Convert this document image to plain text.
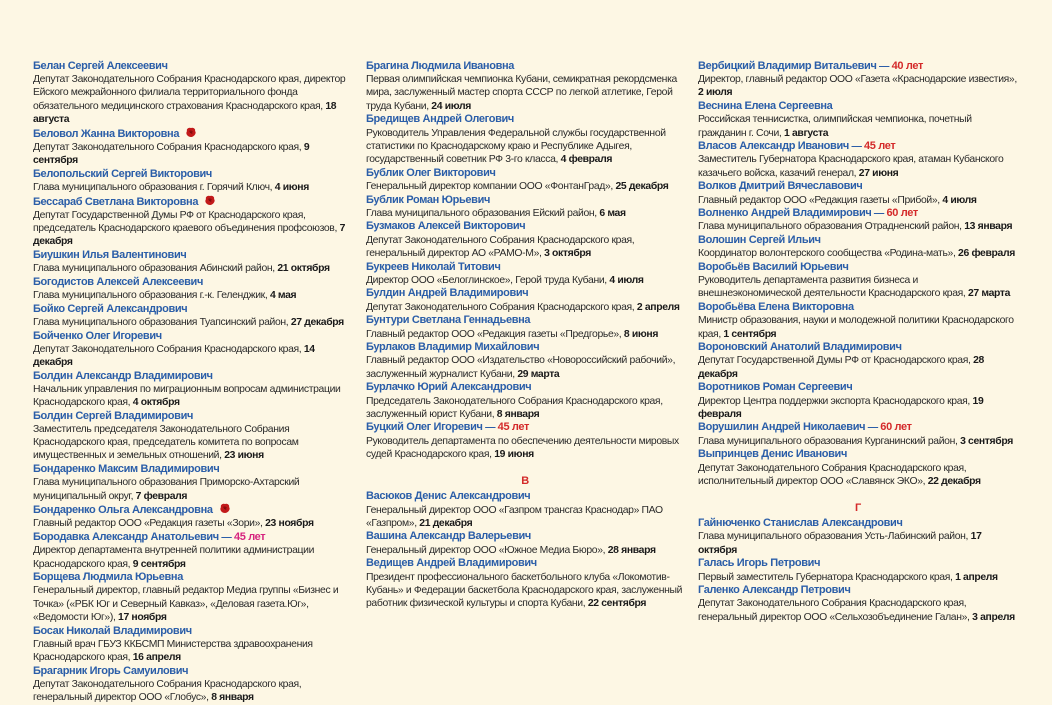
Белан Сергей Алексеевич
Депутат Законодательного Собрания Краснодарского края, директор Ейского межрайонного филиала территориального фонда обязательного медицинского страхования Краснодарского края, 18 августа
Беловол Жанна Викторовна
Депутат Законодательного Собрания Краснодарского края, 9 сентября
Белопольский Сергей Викторович
Глава муниципального образования г. Горячий Ключ, 4 июня
Бессараб Светлана Викторовна
Депутат Государственной Думы РФ от Краснодарского края, председатель Краснодарского краевого объединения профсоюзов, 7 декабря
Биушкин Илья Валентинович
Глава муниципального образования Абинский район, 21 октября
Богодистов Алексей Алексеевич
Глава муниципального образования г.-к. Геленджик, 4 мая
Бойко Сергей Александрович
Глава муниципального образования Туапсинский район, 27 декабря
Бойченко Олег Игоревич
Депутат Законодательного Собрания Краснодарского края, 14 декабря
Болдин Александр Владимирович
Начальник управления по миграционным вопросам администрации Краснодарского края, 4 октября
Болдин Сергей Владимирович
Заместитель председателя Законодательного Собрания Краснодарского края, председатель комитета по вопросам имущественных и земельных отношений, 23 июня
Бондаренко Максим Владимирович
Глава муниципального образования Приморско-Ахтарский муниципальный округ, 7 февраля
Бондаренко Ольга Александровна
Главный редактор ООО «Редакция газеты «Зори», 23 ноября
Бородавка Александр Анатольевич — 45 лет
Директор департамента внутренней политики администрации Краснодарского края, 9 сентября
Борщева Людмила Юрьевна
Генеральный директор, главный редактор Медиа группы «Бизнес и Точка» («РБК Юг и Северный Кавказ», «Деловая газета.Юг», «Ведомости Юг»), 17 ноября
Босак Николай Владимирович
Главный врач ГБУЗ ККБСМП Министерства здравоохранения Краснодарского края, 16 апреля
Брагарник Игорь Самуилович
Депутат Законодательного Собрания Краснодарского края, генеральный директор ООО «Глобус», 8 января
Брагина Людмила Ивановна
Первая олимпийская чемпионка Кубани, семикратная рекордсменка мира, заслуженный мастер спорта СССР по легкой атлетике, Герой труда Кубани, 24 июля
Бредищев Андрей Олегович
Руководитель Управления Федеральной службы государственной статистики по Краснодарскому краю и Республике Адыгея, государственный советник РФ 3-го класса, 4 февраля
Бублик Олег Викторович
Генеральный директор компании ООО «ФонтанГрад», 25 декабря
Бублик Роман Юрьевич
Глава муниципального образования Ейский район, 6 мая
Бузмаков Алексей Викторович
Депутат Законодательного Собрания Краснодарского края, генеральный директор АО «РАМО-М», 3 октября
Букреев Николай Титович
Директор ООО «Белоглинское», Герой труда Кубани, 4 июля
Булдин Андрей Владимирович
Депутат Законодательного Собрания Краснодарского края, 2 апреля
Бунтури Светлана Геннадьевна
Главный редактор ООО «Редакция газеты «Предгорье», 8 июня
Бурлаков Владимир Михайлович
Главный редактор ООО «Издательство «Новороссийский рабочий», заслуженный журналист Кубани, 29 марта
Бурлачко Юрий Александрович
Председатель Законодательного Собрания Краснодарского края, заслуженный юрист Кубани, 8 января
Буцкий Олег Игоревич — 45 лет
Руководитель департамента по обеспечению деятельности мировых судей Краснодарского края, 19 июня
В
Васюков Денис Александрович
Генеральный директор ООО «Газпром трансгаз Краснодар» ПАО «Газпром», 21 декабря
Вашина Александр Валерьевич
Генеральный директор ООО «Южное Медиа Бюро», 28 января
Ведищев Андрей Владимирович
Президент профессионального баскетбольного клуба «Локомотив-Кубань» и Федерации баскетбола Краснодарского края, заслуженный работник физической культуры и спорта Кубани, 22 сентября
Вербицкий Владимир Витальевич — 40 лет
Директор, главный редактор ООО «Газета «Краснодарские известия», 2 июля
Веснина Елена Сергеевна
Российская теннисистка, олимпийская чемпионка, почетный гражданин г. Сочи, 1 августа
Власов Александр Иванович — 45 лет
Заместитель Губернатора Краснодарского края, атаман Кубанского казачьего войска, казачий генерал, 27 июня
Волков Дмитрий Вячеславович
Главный редактор ООО «Редакция газеты «Прибой», 4 июля
Волненко Андрей Владимирович — 60 лет
Глава муниципального образования Отрадненский район, 13 января
Волошин Сергей Ильич
Координатор волонтерского сообщества «Родина-мать», 26 февраля
Воробьёв Василий Юрьевич
Руководитель департамента развития бизнеса и внешнеэкономической деятельности Краснодарского края, 27 марта
Воробьёва Елена Викторовна
Министр образования, науки и молодежной политики Краснодарского края, 1 сентября
Вороновский Анатолий Владимирович
Депутат Государственной Думы РФ от Краснодарского края, 28 декабря
Воротников Роман Сергеевич
Директор Центра поддержки экспорта Краснодарского края, 19 февраля
Ворушилин Андрей Николаевич — 60 лет
Глава муниципального образования Курганинский район, 3 сентября
Выпринцев Денис Иванович
Депутат Законодательного Собрания Краснодарского края, исполнительный директор ООО «Славянск ЭКО», 22 декабря
Г
Гайнюченко Станислав Александрович
Глава муниципального образования Усть-Лабинский район, 17 октября
Галась Игорь Петрович
Первый заместитель Губернатора Краснодарского края, 1 апреля
Галенко Александр Петрович
Депутат Законодательного Собрания Краснодарского края, генеральный директор ООО «Сельхозобъединение Галан», 3 апреля
